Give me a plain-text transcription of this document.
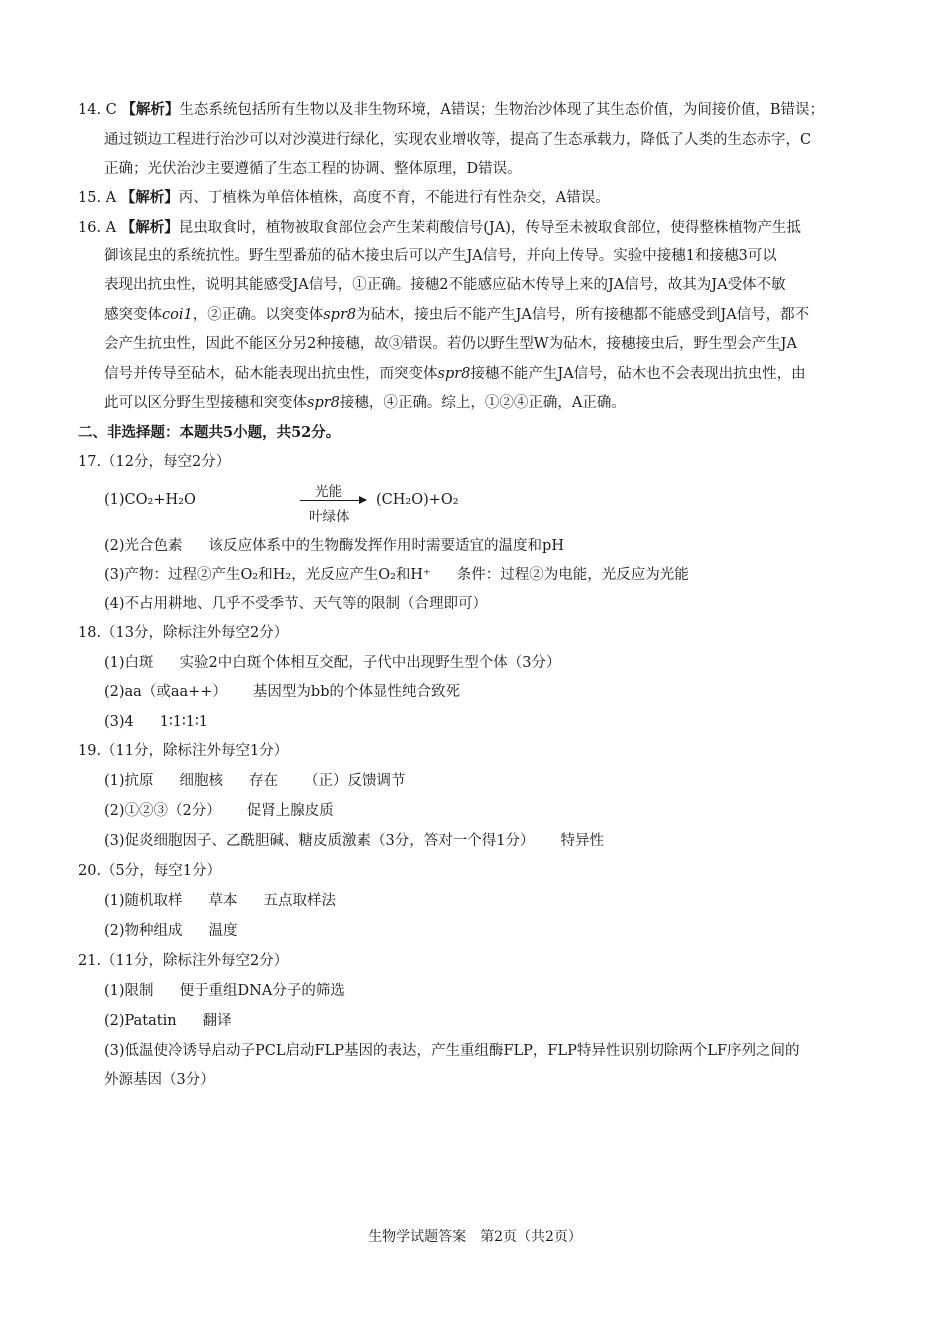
14. C 【解析】生态系统包括所有生物以及非生物环境，A错误；生物治沙体现了其生态价值，为间接价值，B错误；
通过锁边工程进行治沙可以对沙漠进行绿化，实现农业增收等，提高了生态承载力，降低了人类的生态赤字，C
正确；光伏治沙主要遵循了生态工程的协调、整体原理，D错误。
15. A 【解析】丙、丁植株为单倍体植株，高度不育，不能进行有性杂交，A错误。
16. A 【解析】昆虫取食时，植物被取食部位会产生茉莉酸信号(JA)，传导至未被取食部位，使得整株植物产生抵
御该昆虫的系统抗性。野生型番茄的砧木接虫后可以产生JA信号，并向上传导。实验中接穗1和接穗3可以
表现出抗虫性，说明其能感受JA信号，①正确。接穗2不能感应砧木传导上来的JA信号，故其为JA受体不敏
感突变体coi1，②正确。以突变体spr8为砧木，接虫后不能产生JA信号，所有接穗都不能感受到JA信号，都不
会产生抗虫性，因此不能区分另2种接穗，故③错误。若仍以野生型W为砧木，接穗接虫后，野生型会产生JA
信号并传导至砧木，砧木能表现出抗虫性，而突变体spr8接穗不能产生JA信号，砧木也不会表现出抗虫性，由
此可以区分野生型接穗和突变体spr8接穗，④正确。综上，①②④正确，A正确。
二、非选择题：本题共5小题，共52分。
17.（12分，每空2分）
(1)CO₂+H₂O	光能
叶绿体
(CH₂O)+O₂
(2)光合色素 该反应体系中的生物酶发挥作用时需要适宜的温度和pH
(3)产物：过程②产生O₂和H₂，光反应产生O₂和H⁺ 条件：过程②为电能，光反应为光能
(4)不占用耕地、几乎不受季节、天气等的限制（合理即可）
18.（13分，除标注外每空2分）
(1)白斑 实验2中白斑个体相互交配，子代中出现野生型个体（3分）
(2)aa（或aa++） 基因型为bb的个体显性纯合致死
(3)4 1∶1∶1∶1
19.（11分，除标注外每空1分）
(1)抗原 细胞核 存在 （正）反馈调节
(2)①②③（2分） 促肾上腺皮质
(3)促炎细胞因子、乙酰胆碱、糖皮质激素（3分，答对一个得1分） 特异性
20.（5分，每空1分）
(1)随机取样 草本 五点取样法
(2)物种组成 温度
21.（11分，除标注外每空2分）
(1)限制 便于重组DNA分子的筛选
(2)Patatin 翻译
(3)低温使冷诱导启动子PCL启动FLP基因的表达，产生重组酶FLP，FLP特异性识别切除两个LF序列之间的
外源基因（3分）
生物学试题答案　第2页（共2页）
